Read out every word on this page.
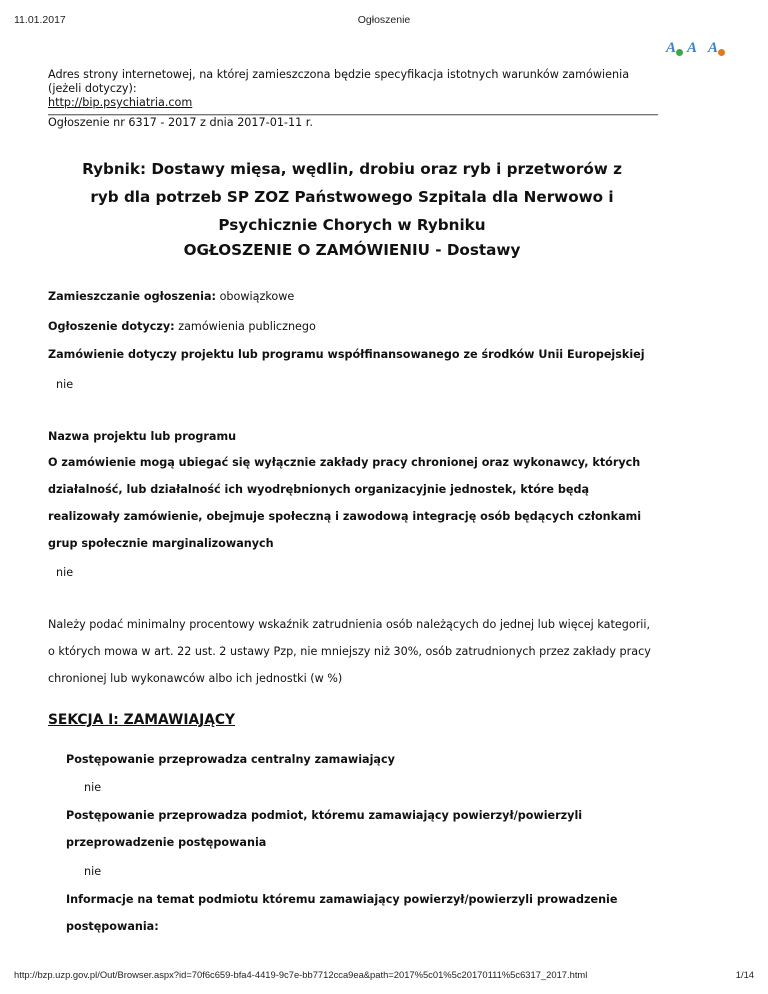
11.01.2017	Ogłoszenie
A A A

Adres strony internetowej, na której zamieszczona będzie specyfikacja istotnych warunków zamówienia (jeżeli dotyczy):

http://bip.psychiatria.com

Ogłoszenie nr 6317 - 2017 z dnia 2017-01-11 r.

Rybnik: Dostawy mięsa, wędlin, drobiu oraz ryb i przetworów z ryb dla potrzeb SP ZOZ Państwowego Szpitala dla Nerwowo i Psychicznie Chorych w Rybniku
OGŁOSZENIE O ZAMÓWIENIU - Dostawy

Zamieszczanie ogłoszenia: obowiązkowe

Ogłoszenie dotyczy: zamówienia publicznego

Zamówienie dotyczy projektu lub programu współfinansowanego ze środków Unii Europejskiej

nie

Nazwa projektu lub programu

O zamówienie mogą ubiegać się wyłącznie zakłady pracy chronionej oraz wykonawcy, których działalność, lub działalność ich wyodrębnionych organizacyjnie jednostek, które będą realizowały zamówienie, obejmuje społeczną i zawodową integrację osób będących członkami grup społecznie marginalizowanych

nie

Należy podać minimalny procentowy wskaźnik zatrudnienia osób należących do jednej lub więcej kategorii, o których mowa w art. 22 ust. 2 ustawy Pzp, nie mniejszy niż 30%, osób zatrudnionych przez zakłady pracy chronionej lub wykonawców albo ich jednostki (w %)

SEKCJA I: ZAMAWIAJĄCY

Postępowanie przeprowadza centralny zamawiający

nie

Postępowanie przeprowadza podmiot, któremu zamawiający powierzył/powierzyli przeprowadzenie postępowania

nie

Informacje na temat podmiotu któremu zamawiający powierzył/powierzyli prowadzenie postępowania:

http://bzp.uzp.gov.pl/Out/Browser.aspx?id=70f6c659-bfa4-4419-9c7e-bb7712cca9ea&path=2017%5c01%5c20170111%5c6317_2017.html	1/14
